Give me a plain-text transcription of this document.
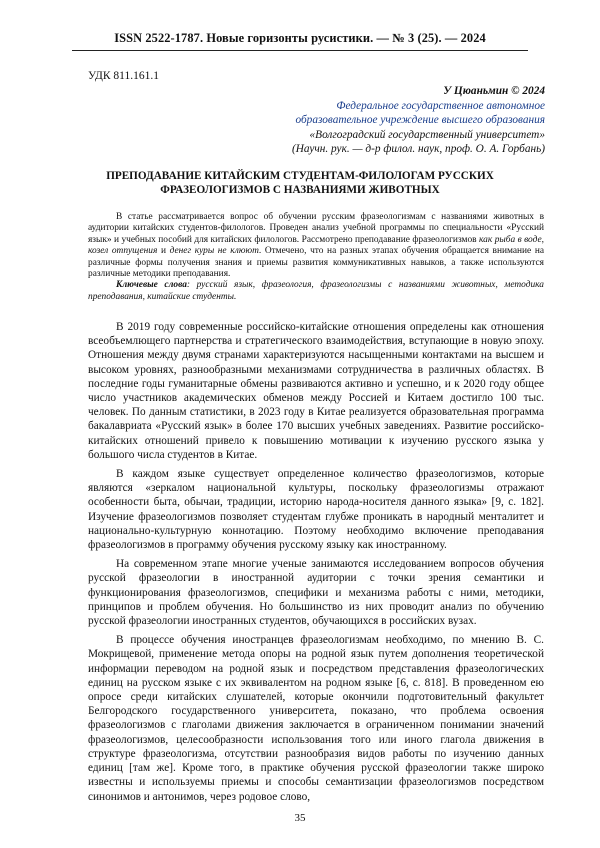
ISSN 2522-1787. Новые горизонты русистики. — № 3 (25). — 2024
УДК 811.161.1
У Цюаньмин © 2024
Федеральное государственное автономное
образовательное учреждение высшего образования
«Волгоградский государственный университет»
(Научн. рук. — д-р филол. наук, проф. О. А. Горбань)
ПРЕПОДАВАНИЕ КИТАЙСКИМ СТУДЕНТАМ-ФИЛОЛОГАМ РУССКИХ
ФРАЗЕОЛОГИЗМОВ С НАЗВАНИЯМИ ЖИВОТНЫХ

В статье рассматривается вопрос об обучении русским фразеологизмам с названиями животных в аудитории китайских студентов-филологов. Проведен анализ учебной программы по специальности «Русский язык» и учебных пособий для китайских филологов. Рассмотрено преподавание фразеологизмов как рыба в воде, козел отпущения и денег куры не клюют. Отмечено, что на разных этапах обучения обращается внимание на различные формы получения знания и приемы развития коммуникативных навыков, а также используются различные методики преподавания.

Ключевые слова: русский язык, фразеология, фразеологизмы с названиями животных, методика преподавания, китайские студенты.

В 2019 году современные российско-китайские отношения определены как отношения всеобъемлющего партнерства и стратегического взаимодействия, вступающие в новую эпоху. Отношения между двумя странами характеризуются насыщенными контактами на высшем и высоком уровнях, разнообразными механизмами сотрудничества в различных областях. В последние годы гуманитарные обмены развиваются активно и успешно, и к 2020 году общее число участников академических обменов между Россией и Китаем достигло 100 тыс. человек. По данным статистики, в 2023 году в Китае реализуется образовательная программа бакалавриата «Русский язык» в более 170 высших учебных заведениях. Развитие российско-китайских отношений привело к повышению мотивации к изучению русского языка у большого числа студентов в Китае.

В каждом языке существует определенное количество фразеологизмов, которые являются «зеркалом национальной культуры, поскольку фразеологизмы отражают особенности быта, обычаи, традиции, историю народа-носителя данного языка» [9, с. 182]. Изучение фразеологизмов позволяет студентам глубже проникать в народный менталитет и национально-культурную коннотацию. Поэтому необходимо включение преподавания фразеологизмов в программу обучения русскому языку как иностранному.

На современном этапе многие ученые занимаются исследованием вопросов обучения русской фразеологии в иностранной аудитории с точки зрения семантики и функционирования фразеологизмов, специфики и механизма работы с ними, методики, принципов и проблем обучения. Но большинство из них проводит анализ по обучению русской фразеологии иностранных студентов, обучающихся в российских вузах.

В процессе обучения иностранцев фразеологизмам необходимо, по мнению В. С. Мокрищевой, применение метода опоры на родной язык путем дополнения теоретической информации переводом на родной язык и посредством представления фразеологических единиц на русском языке с их эквивалентом на родном языке [6, с. 818]. В проведенном ею опросе среди китайских слушателей, которые окончили подготовительный факультет Белгородского государственного университета, показано, что проблема освоения фразеологизмов с глаголами движения заключается в ограниченном понимании значений фразеологизмов, целесообразности использования того или иного глагола движения в структуре фразеологизма, отсутствии разнообразия видов работы по изучению данных единиц [там же]. Кроме того, в практике обучения русской фразеологии также широко известны и используемы приемы и способы семантизации фразеологизмов посредством синонимов и антонимов, через родовое слово,

35
